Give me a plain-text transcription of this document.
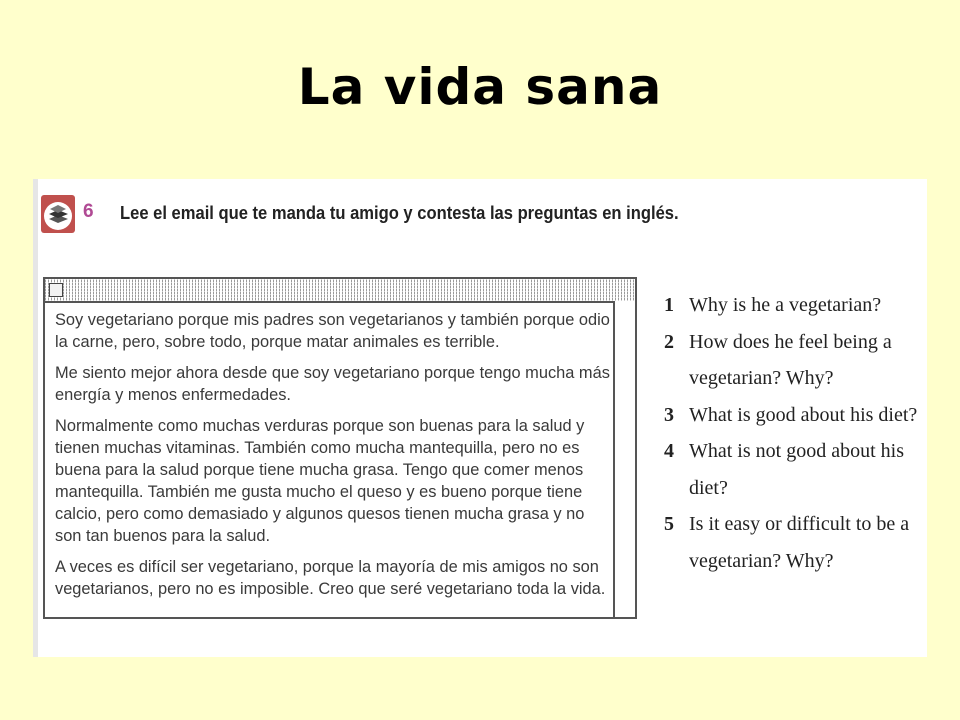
La vida sana
6 Lee el email que te manda tu amigo y contesta las preguntas en inglés.

Soy vegetariano porque mis padres son vegetarianos y también porque odio la carne, pero, sobre todo, porque matar animales es terrible.

Me siento mejor ahora desde que soy vegetariano porque tengo mucha más energía y menos enfermedades.

Normalmente como muchas verduras porque son buenas para la salud y tienen muchas vitaminas. También como mucha mantequilla, pero no es buena para la salud porque tiene mucha grasa. Tengo que comer menos mantequilla. También me gusta mucho el queso y es bueno porque tiene calcio, pero como demasiado y algunos quesos tienen mucha grasa y no son tan buenos para la salud.

A veces es difícil ser vegetariano, porque la mayoría de mis amigos no son vegetarianos, pero no es imposible. Creo que seré vegetariano toda la vida.

1 Why is he a vegetarian?
2 How does he feel being a vegetarian? Why?
3 What is good about his diet?
4 What is not good about his diet?
5 Is it easy or difficult to be a vegetarian? Why?
